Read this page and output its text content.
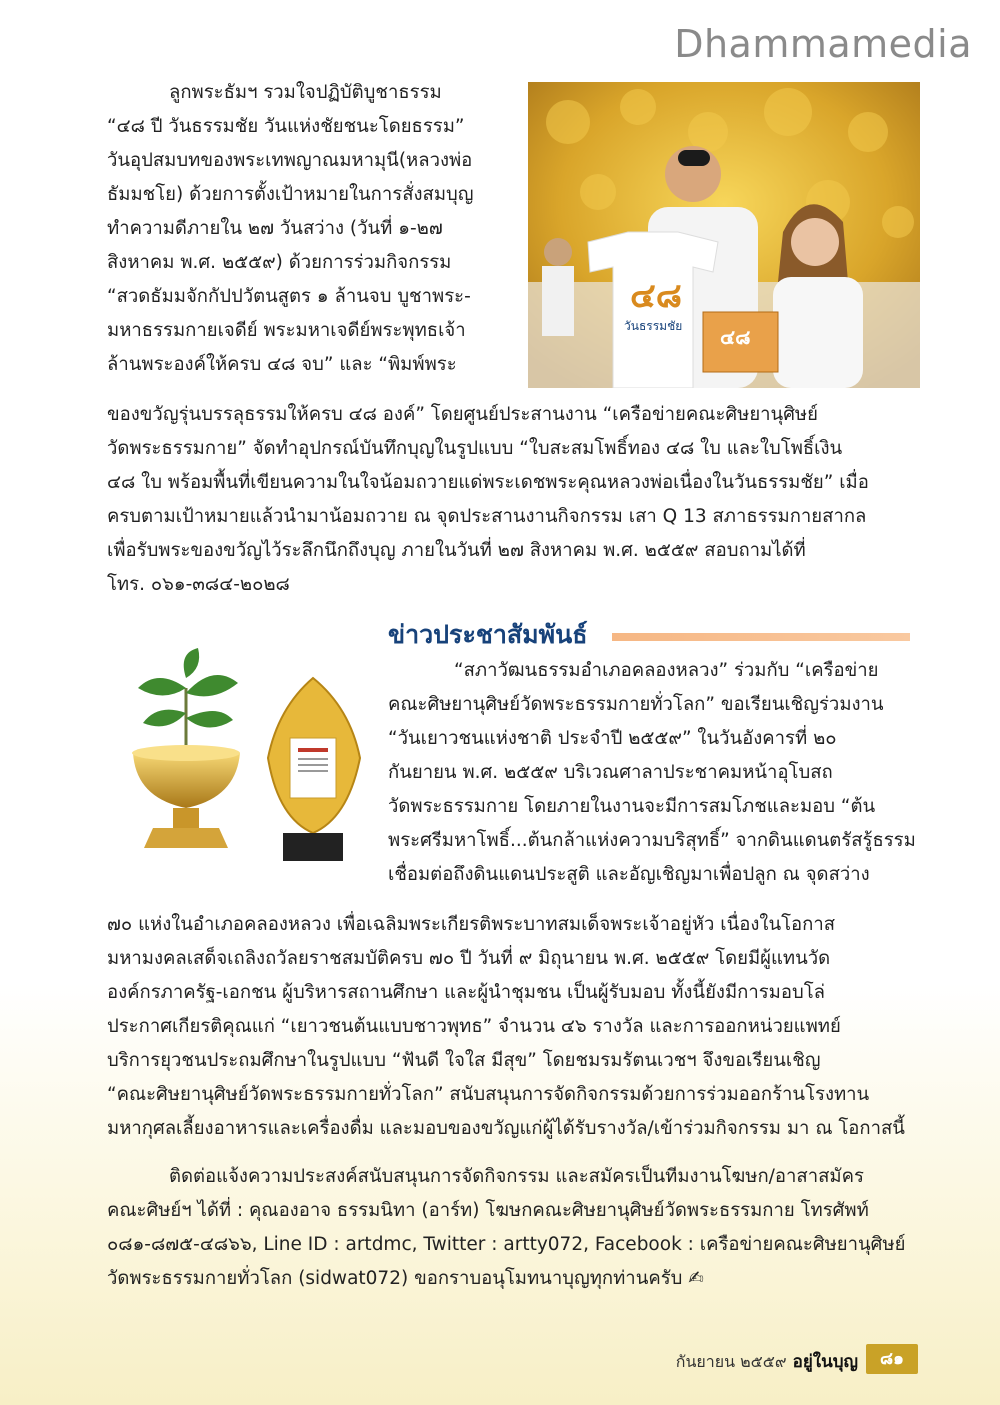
Dhammamedia

ลูกพระธัมฯ รวมใจปฏิบัติบูชาธรรม
“๔๘ ปี วันธรรมชัย วันแห่งชัยชนะโดยธรรม”
วันอุปสมบทของพระเทพญาณมหามุนี(หลวงพ่อ
ธัมมชโย) ด้วยการตั้งเป้าหมายในการสั่งสมบุญ
ทำความดีภายใน ๒๗ วันสว่าง (วันที่ ๑-๒๗
สิงหาคม พ.ศ. ๒๕๕๙) ด้วยการร่วมกิจกรรม
“สวดธัมมจักกัปปวัตนสูตร ๑ ล้านจบ บูชาพระ-
มหาธรรมกายเจดีย์ พระมหาเจดีย์พระพุทธเจ้า
ล้านพระองค์ให้ครบ ๔๘ จบ” และ “พิมพ์พระ

๔๘
วันธรรมชัย ๔๘

ของขวัญรุ่นบรรลุธรรมให้ครบ ๔๘ องค์” โดยศูนย์ประสานงาน “เครือข่ายคณะศิษยานุศิษย์
วัดพระธรรมกาย” จัดทำอุปกรณ์บันทึกบุญในรูปแบบ “ใบสะสมโพธิ์ทอง ๔๘ ใบ และใบโพธิ์เงิน
๔๘ ใบ พร้อมพื้นที่เขียนความในใจน้อมถวายแด่พระเดชพระคุณหลวงพ่อเนื่องในวันธรรมชัย” เมื่อ
ครบตามเป้าหมายแล้วนำมาน้อมถวาย ณ จุดประสานงานกิจกรรม เสา Q 13 สภาธรรมกายสากล
เพื่อรับพระของขวัญไว้ระลึกนึกถึงบุญ ภายในวันที่ ๒๗ สิงหาคม พ.ศ. ๒๕๕๙ สอบถามได้ที่
โทร. ๐๖๑-๓๘๔-๒๐๒๘

ข่าวประชาสัมพันธ์

“สภาวัฒนธรรมอำเภอคลองหลวง” ร่วมกับ “เครือข่าย
คณะศิษยานุศิษย์วัดพระธรรมกายทั่วโลก” ขอเรียนเชิญร่วมงาน
“วันเยาวชนแห่งชาติ ประจำปี ๒๕๕๙” ในวันอังคารที่ ๒๐
กันยายน พ.ศ. ๒๕๕๙ บริเวณศาลาประชาคมหน้าอุโบสถ
วัดพระธรรมกาย โดยภายในงานจะมีการสมโภชและมอบ “ต้น
พระศรีมหาโพธิ์...ต้นกล้าแห่งความบริสุทธิ์” จากดินแดนตรัสรู้ธรรม
เชื่อมต่อถึงดินแดนประสูติ และอัญเชิญมาเพื่อปลูก ณ จุดสว่าง

๗๐ แห่งในอำเภอคลองหลวง เพื่อเฉลิมพระเกียรติพระบาทสมเด็จพระเจ้าอยู่หัว เนื่องในโอกาส
มหามงคลเสด็จเถลิงถวัลยราชสมบัติครบ ๗๐ ปี วันที่ ๙ มิถุนายน พ.ศ. ๒๕๕๙ โดยมีผู้แทนวัด
องค์กรภาครัฐ-เอกชน ผู้บริหารสถานศึกษา และผู้นำชุมชน เป็นผู้รับมอบ ทั้งนี้ยังมีการมอบโล่
ประกาศเกียรติคุณแก่ “เยาวชนต้นแบบชาวพุทธ” จำนวน ๔๖ รางวัล และการออกหน่วยแพทย์
บริการยุวชนประถมศึกษาในรูปแบบ “ฟันดี ใจใส มีสุข” โดยชมรมรัตนเวชฯ จึงขอเรียนเชิญ
“คณะศิษยานุศิษย์วัดพระธรรมกายทั่วโลก” สนับสนุนการจัดกิจกรรมด้วยการร่วมออกร้านโรงทาน
มหากุศลเลี้ยงอาหารและเครื่องดื่ม และมอบของขวัญแก่ผู้ได้รับรางวัล/เข้าร่วมกิจกรรม มา ณ โอกาสนี้

ติดต่อแจ้งความประสงค์สนับสนุนการจัดกิจกรรม และสมัครเป็นทีมงานโฆษก/อาสาสมัคร
คณะศิษย์ฯ ได้ที่ : คุณองอาจ ธรรมนิทา (อาร์ท) โฆษกคณะศิษยานุศิษย์วัดพระธรรมกาย โทรศัพท์
๐๘๑-๘๗๕-๔๘๖๖, Line ID : artdmc, Twitter : artty072, Facebook : เครือข่ายคณะศิษยานุศิษย์
วัดพระธรรมกายทั่วโลก (sidwat072) ขอกราบอนุโมทนาบุญทุกท่านครับ ✍

กันยายน ๒๕๕๙ อยู่ในบุญ	๘๑
